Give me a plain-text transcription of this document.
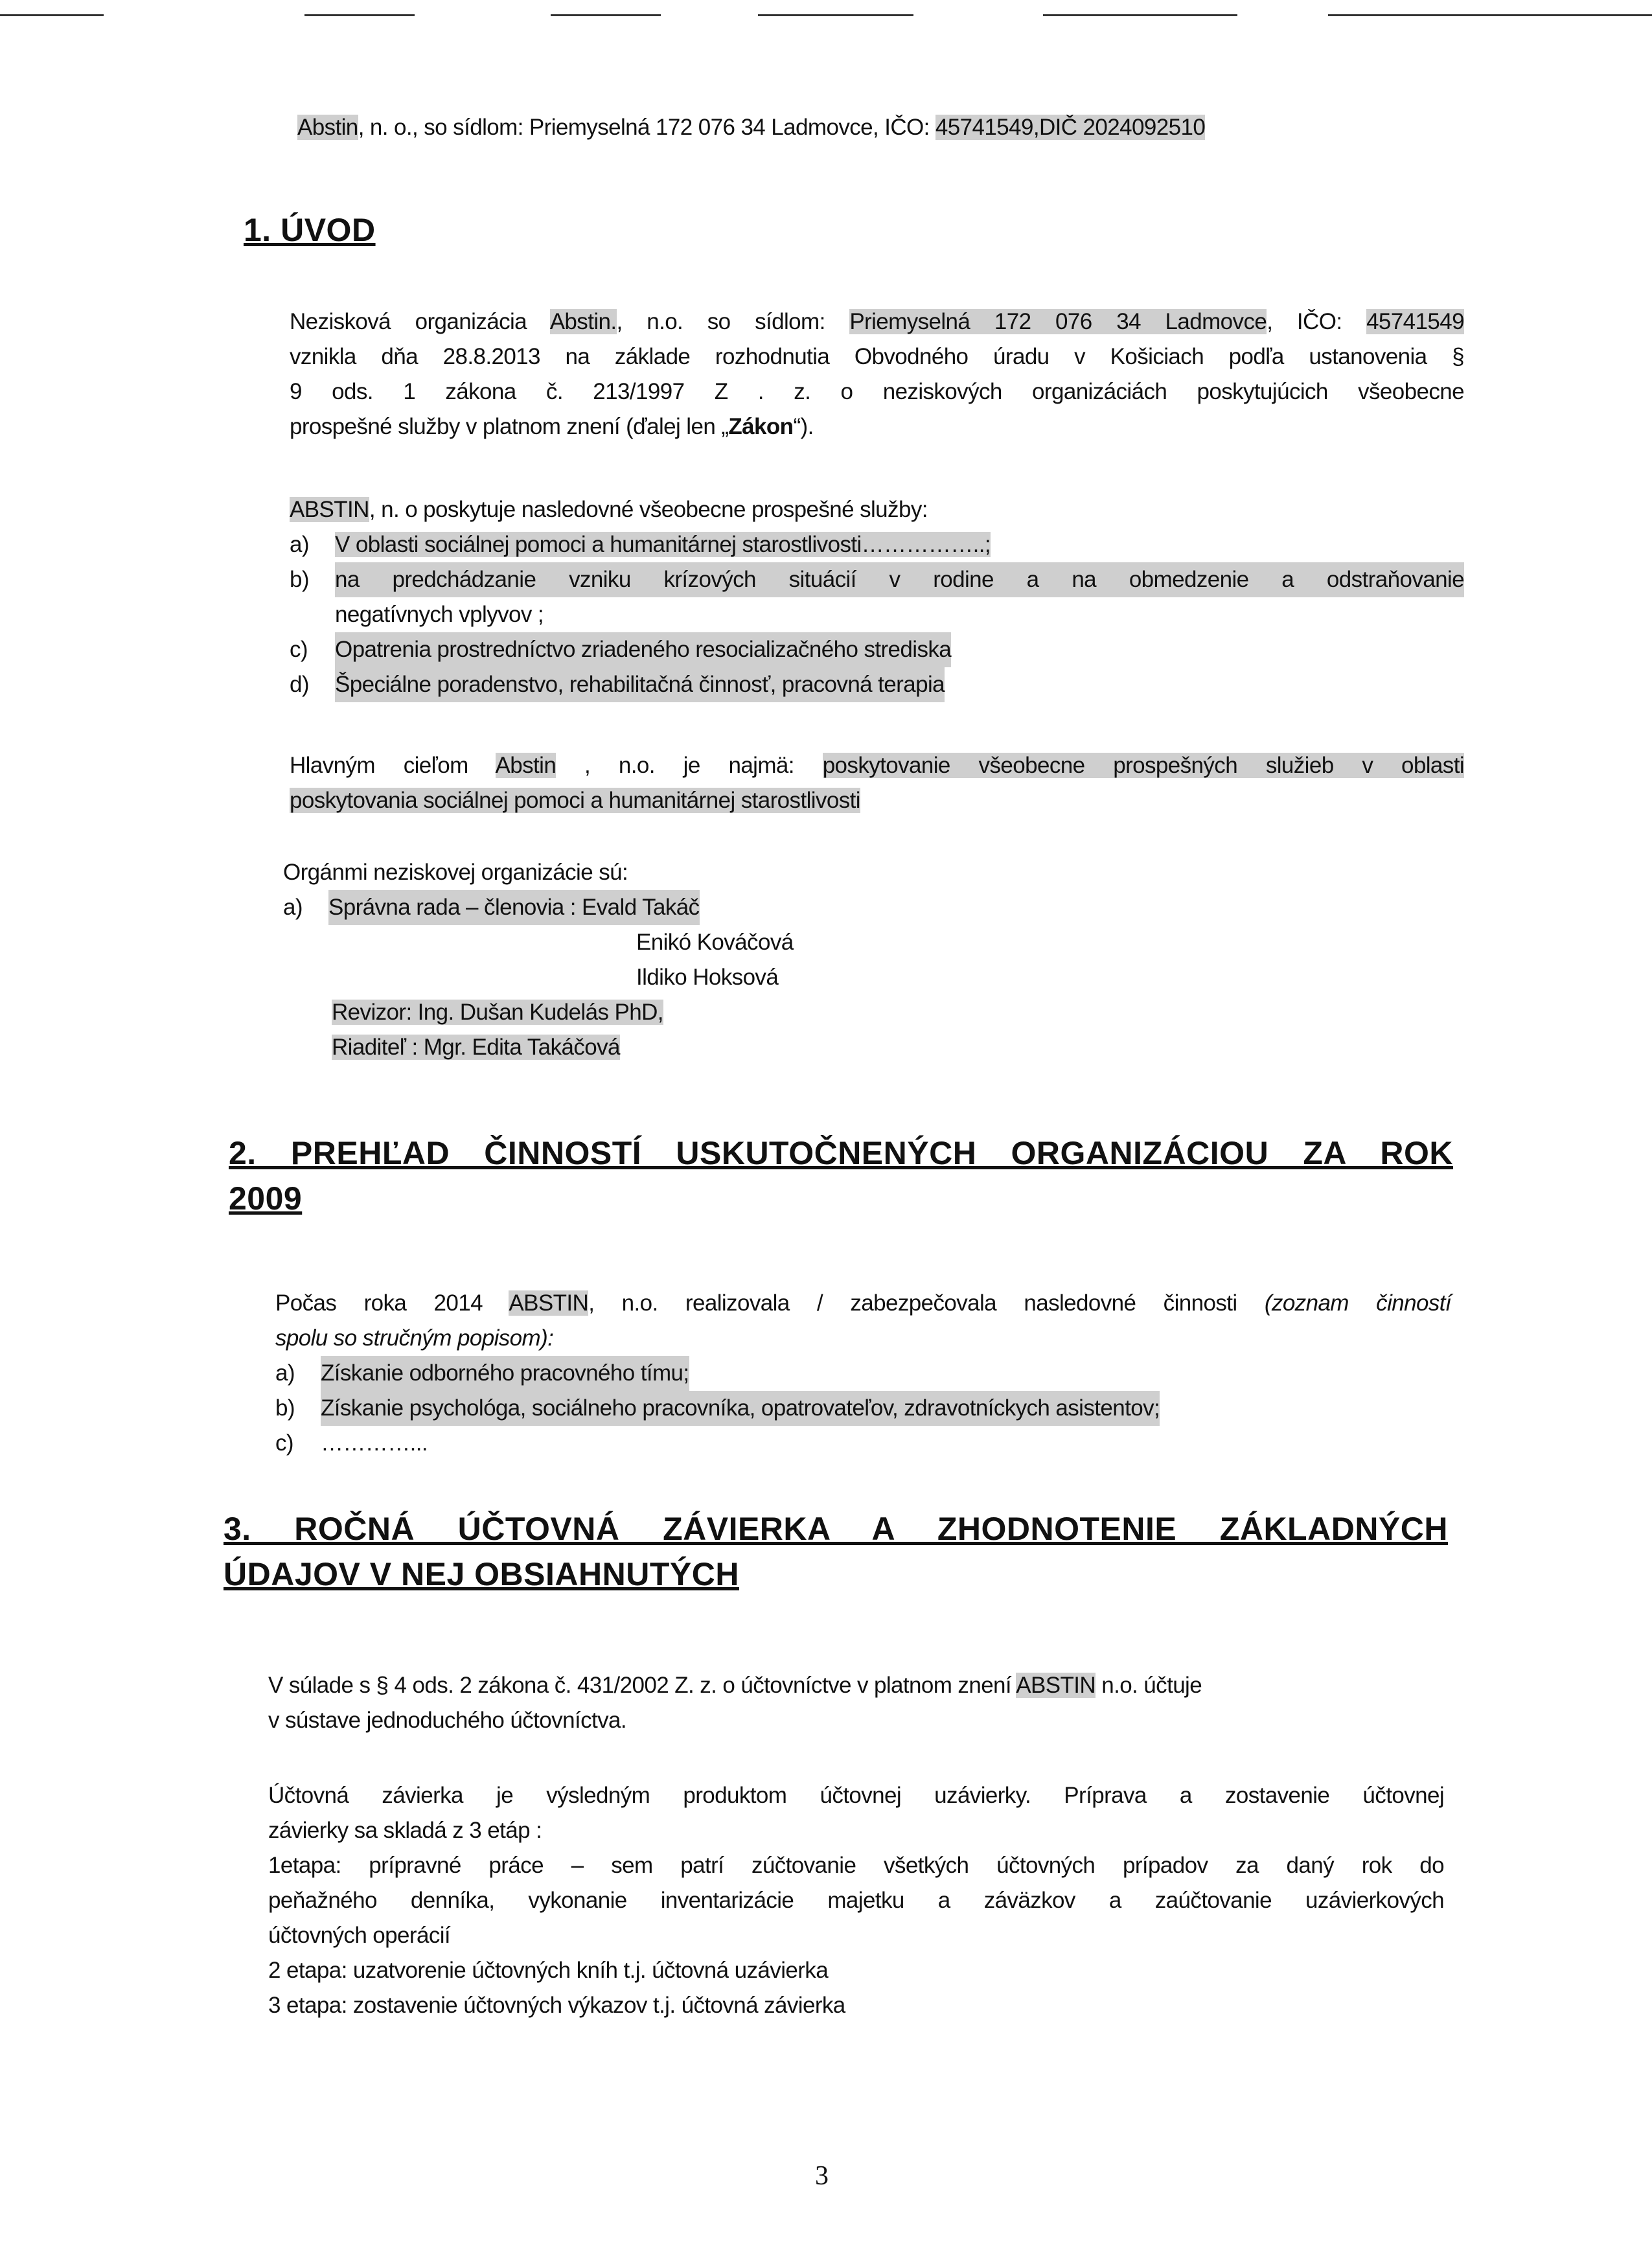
Abstin, n. o., so sídlom: Priemyselná 172 076 34 Ladmovce, IČO: 45741549,DIČ 2024092510
1. ÚVOD
Nezisková organizácia Abstin., n.o. so sídlom: Priemyselná 172 076 34 Ladmovce, IČO: 45741549
vznikla dňa 28.8.2013 na základe rozhodnutia Obvodného úradu v Košiciach podľa ustanovenia §
9 ods. 1 zákona č. 213/1997 Z . z. o neziskových organizáciách poskytujúcich všeobecne
prospešné služby v platnom znení (ďalej len „Zákon“).
ABSTIN, n. o poskytuje nasledovné všeobecne prospešné služby:
a)	V oblasti sociálnej pomoci a humanitárnej starostlivosti……………..;
b)	na predchádzanie vzniku krízových situácií v rodine a na obmedzenie a odstraňovanie
negatívnych vplyvov ;
c)	Opatrenia prostredníctvo zriadeného resocializačného strediska
d)	Špeciálne poradenstvo, rehabilitačná činnosť, pracovná terapia
Hlavným cieľom Abstin , n.o. je najmä: poskytovanie všeobecne prospešných služieb v oblasti
poskytovania sociálnej pomoci a humanitárnej starostlivosti
Orgánmi neziskovej organizácie sú:
a)	Správna rada – členovia : Evald Takáč
Enikó Kováčová
Ildiko Hoksová
Revizor: Ing. Dušan Kudelás PhD,
Riaditeľ : Mgr. Edita Takáčová
2. PREHĽAD ČINNOSTÍ USKUTOČNENÝCH ORGANIZÁCIOU ZA ROK
2009
Počas roka 2014 ABSTIN, n.o. realizovala / zabezpečovala nasledovné činnosti (zoznam činností
spolu so stručným popisom):
a)	Získanie odborného pracovného tímu;
b)	Získanie psychológa, sociálneho pracovníka, opatrovateľov, zdravotníckych asistentov;
c)	…………...
3. ROČNÁ ÚČTOVNÁ ZÁVIERKA A ZHODNOTENIE ZÁKLADNÝCH
ÚDAJOV V NEJ OBSIAHNUTÝCH
V súlade s § 4 ods. 2 zákona č. 431/2002 Z. z. o účtovníctve v platnom znení ABSTIN n.o. účtuje
v sústave jednoduchého účtovníctva.
Účtovná závierka je výsledným produktom účtovnej uzávierky. Príprava a zostavenie účtovnej
závierky sa skladá z 3 etáp :
1etapa: prípravné práce – sem patrí zúčtovanie všetkých účtovných prípadov za daný rok do
peňažného denníka, vykonanie inventarizácie majetku a záväzkov a zaúčtovanie uzávierkových
účtovných operácií
2 etapa: uzatvorenie účtovných kníh t.j. účtovná uzávierka
3 etapa: zostavenie účtovných výkazov t.j. účtovná závierka
3
